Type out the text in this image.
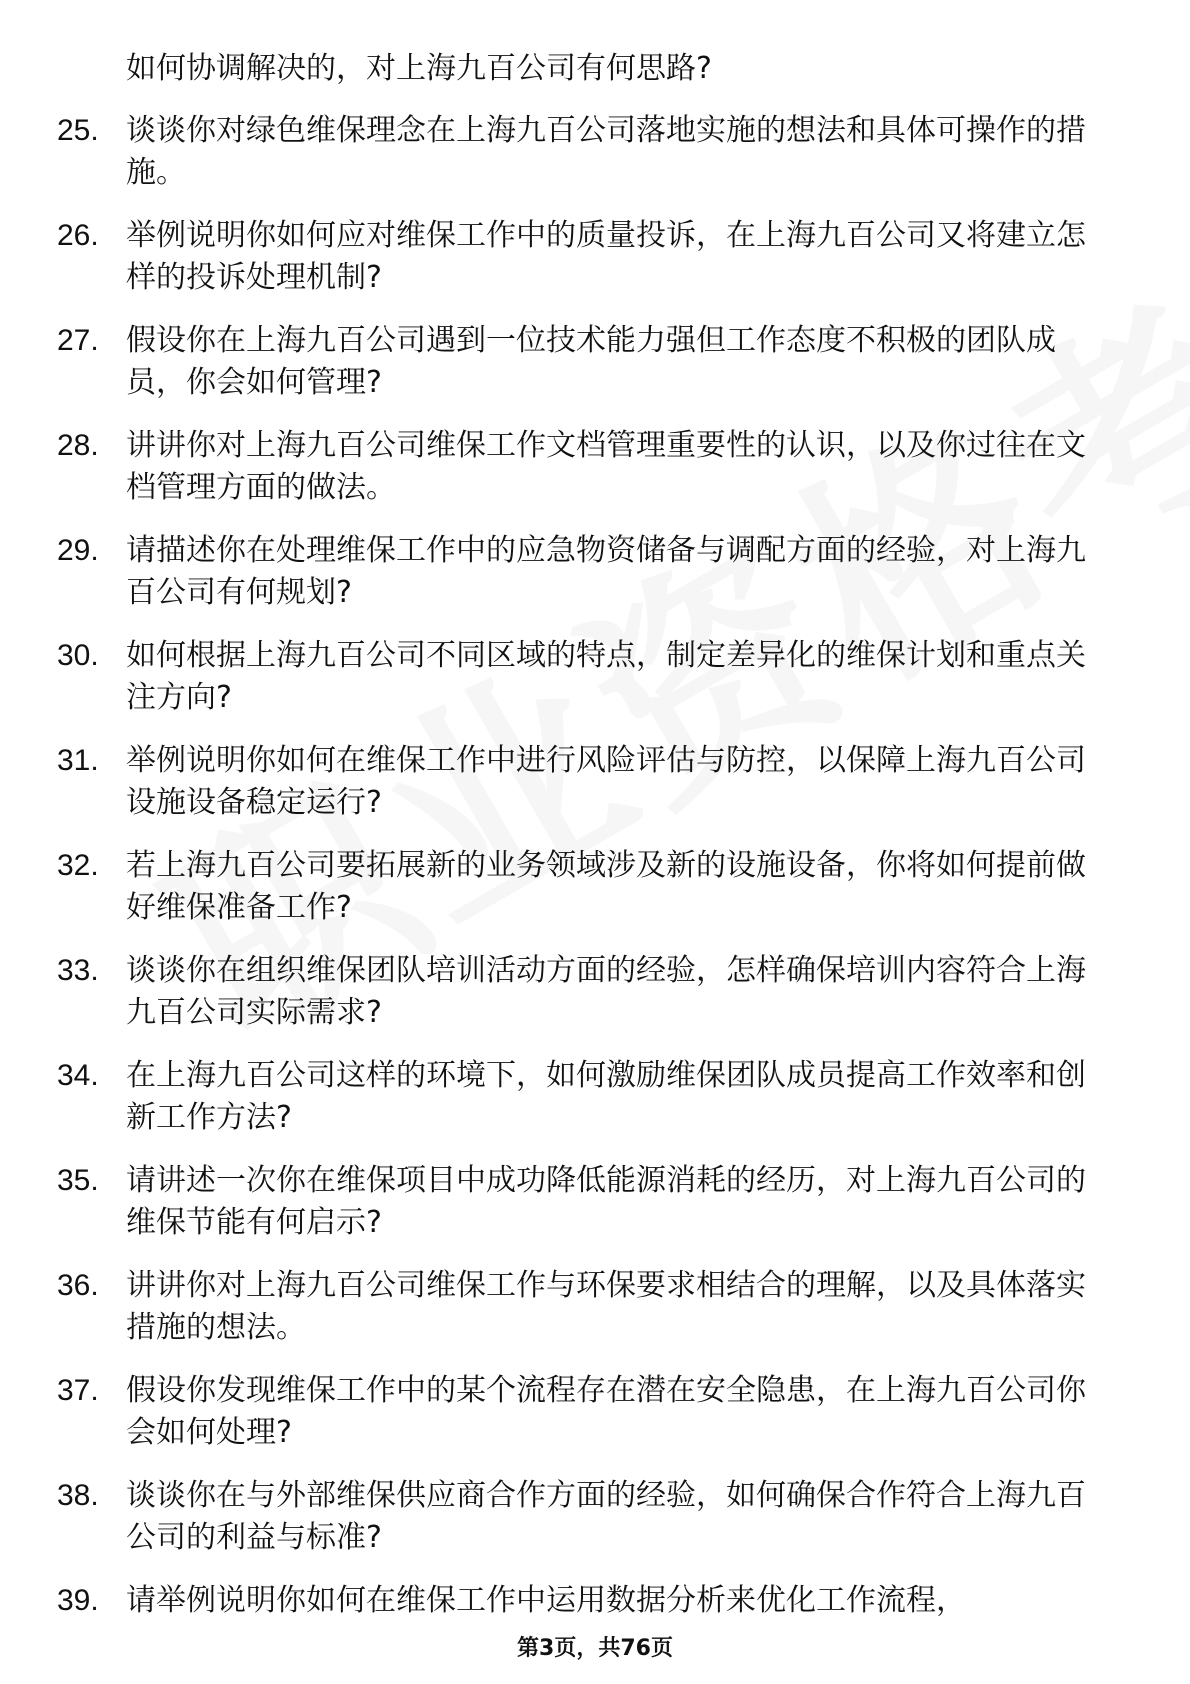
如何协调解决的，对上海九百公司有何思路?
25. 谈谈你对绿色维保理念在上海九百公司落地实施的想法和具体可操作的措施。
26. 举例说明你如何应对维保工作中的质量投诉，在上海九百公司又将建立怎样的投诉处理机制?
27. 假设你在上海九百公司遇到一位技术能力强但工作态度不积极的团队成员，你会如何管理?
28. 讲讲你对上海九百公司维保工作文档管理重要性的认识，以及你过往在文档管理方面的做法。
29. 请描述你在处理维保工作中的应急物资储备与调配方面的经验，对上海九百公司有何规划?
30. 如何根据上海九百公司不同区域的特点，制定差异化的维保计划和重点关注方向?
31. 举例说明你如何在维保工作中进行风险评估与防控，以保障上海九百公司设施设备稳定运行?
32. 若上海九百公司要拓展新的业务领域涉及新的设施设备，你将如何提前做好维保准备工作?
33. 谈谈你在组织维保团队培训活动方面的经验，怎样确保培训内容符合上海九百公司实际需求?
34. 在上海九百公司这样的环境下，如何激励维保团队成员提高工作效率和创新工作方法?
35. 请讲述一次你在维保项目中成功降低能源消耗的经历，对上海九百公司的维保节能有何启示?
36. 讲讲你对上海九百公司维保工作与环保要求相结合的理解，以及具体落实措施的想法。
37. 假设你发现维保工作中的某个流程存在潜在安全隐患，在上海九百公司你会如何处理?
38. 谈谈你在与外部维保供应商合作方面的经验，如何确保合作符合上海九百公司的利益与标准?
39. 请举例说明你如何在维保工作中运用数据分析来优化工作流程，
第3页，共76页
